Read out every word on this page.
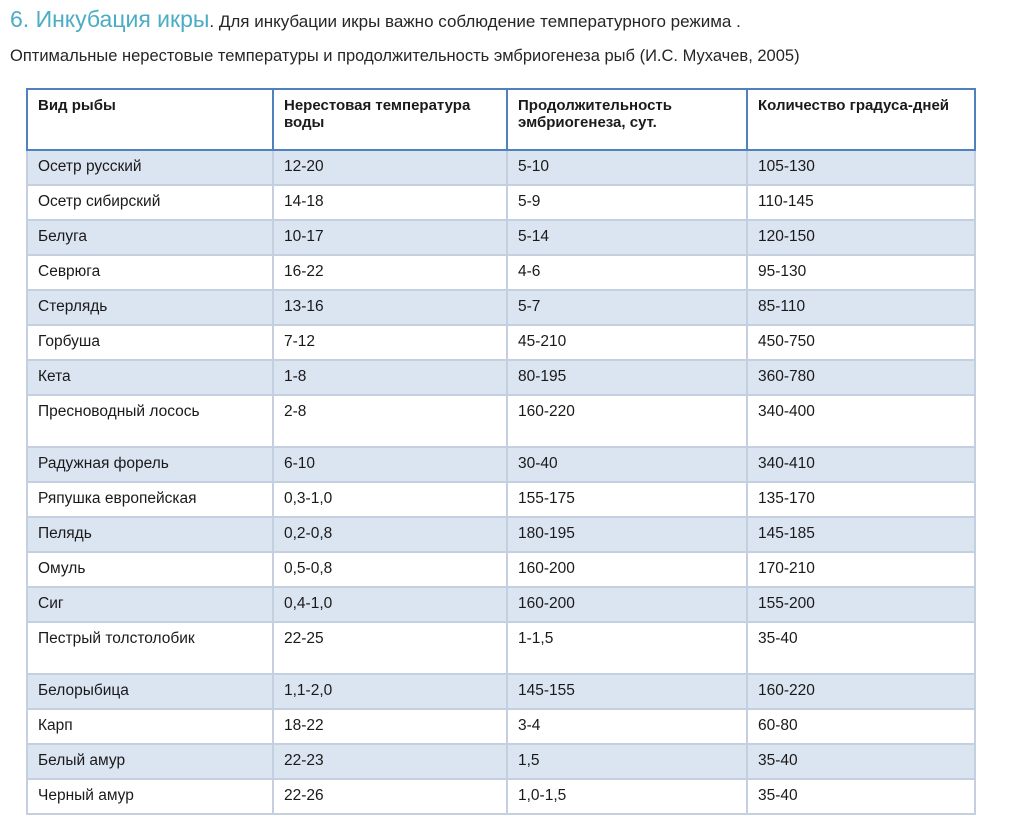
6. Инкубация икры. Для инкубации икры важно соблюдение температурного режима .
Оптимальные нерестовые температуры и продолжительность эмбриогенеза рыб (И.С. Мухачев, 2005)
Вид рыбы	Нерестовая температура воды	Продолжительность эмбриогенеза, сут.	Количество градуса-дней
Осетр русский	12-20	5-10	105-130
Осетр сибирский	14-18	5-9	110-145
Белуга	10-17	5-14	120-150
Севрюга	16-22	4-6	95-130
Стерлядь	13-16	5-7	85-110
Горбуша	7-12	45-210	450-750
Кета	1-8	80-195	360-780
Пресноводный лосось	2-8	160-220	340-400
Радужная форель	6-10	30-40	340-410
Ряпушка европейская	0,3-1,0	155-175	135-170
Пелядь	0,2-0,8	180-195	145-185
Омуль	0,5-0,8	160-200	170-210
Сиг	0,4-1,0	160-200	155-200
Пестрый толстолобик	22-25	1-1,5	35-40
Белорыбица	1,1-2,0	145-155	160-220
Карп	18-22	3-4	60-80
Белый амур	22-23	1,5	35-40
Черный амур	22-26	1,0-1,5	35-40
